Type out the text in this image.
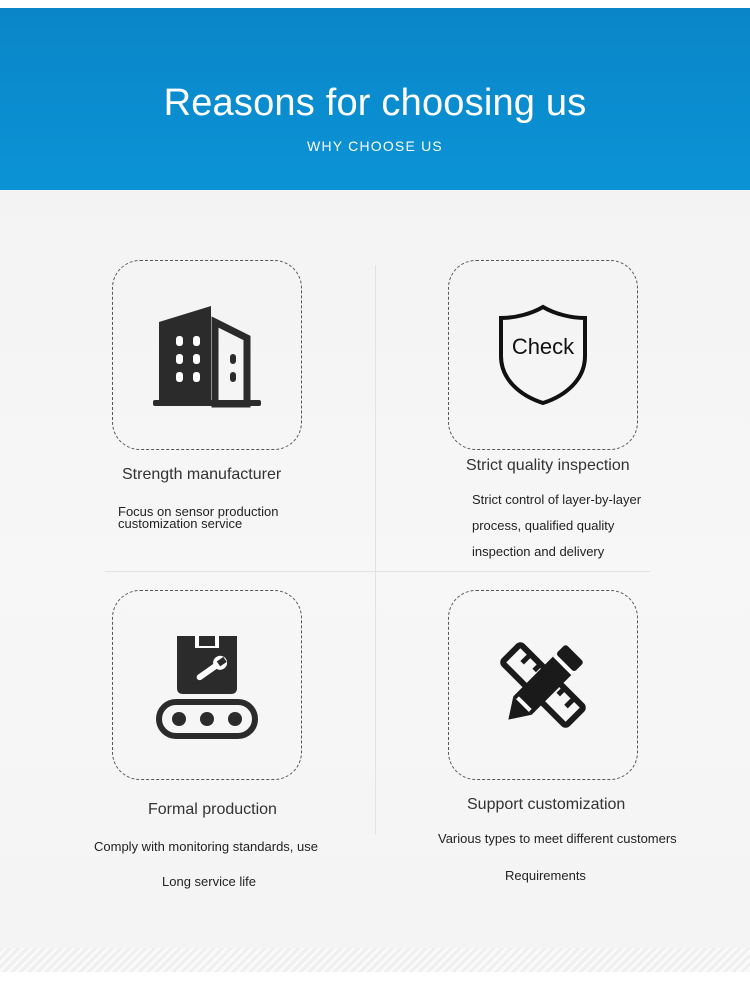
Reasons for choosing us
WHY CHOOSE US
Strength manufacturer
Focus on sensor production
customization service
Check
Strict quality inspection
Strict control of layer-by-layer
process, qualified quality
inspection and delivery
Formal production
Comply with monitoring standards, use
Long service life
Support customization
Various types to meet different customers
Requirements
